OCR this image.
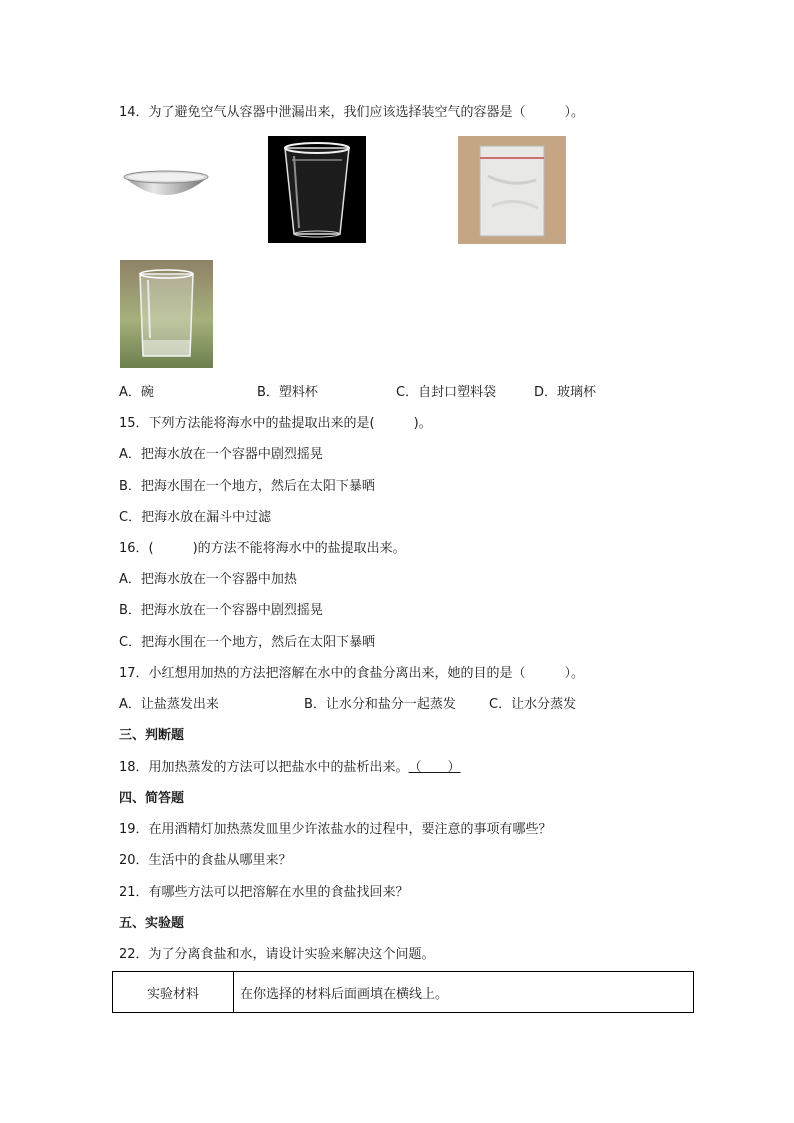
14．为了避免空气从容器中泄漏出来，我们应该选择装空气的容器是（　　　）。
A．碗	B．塑料杯	C．自封口塑料袋	D．玻璃杯
15．下列方法能将海水中的盐提取出来的是(　　　)。
A．把海水放在一个容器中剧烈摇晃
B．把海水围在一个地方，然后在太阳下暴晒
C．把海水放在漏斗中过滤
16．(　　　)的方法不能将海水中的盐提取出来。
A．把海水放在一个容器中加热
B．把海水放在一个容器中剧烈摇晃
C．把海水围在一个地方，然后在太阳下暴晒
17．小红想用加热的方法把溶解在水中的食盐分离出来，她的目的是（　　　）。
A．让盐蒸发出来	B．让水分和盐分一起蒸发	C．让水分蒸发
三、判断题
18．用加热蒸发的方法可以把盐水中的盐析出来。（　　）
四、简答题
19．在用酒精灯加热蒸发皿里少许浓盐水的过程中，要注意的事项有哪些？
20．生活中的食盐从哪里来？
21．有哪些方法可以把溶解在水里的食盐找回来？
五、实验题
22．为了分离食盐和水，请设计实验来解决这个问题。
实验材料	在你选择的材料后面画填在横线上。
